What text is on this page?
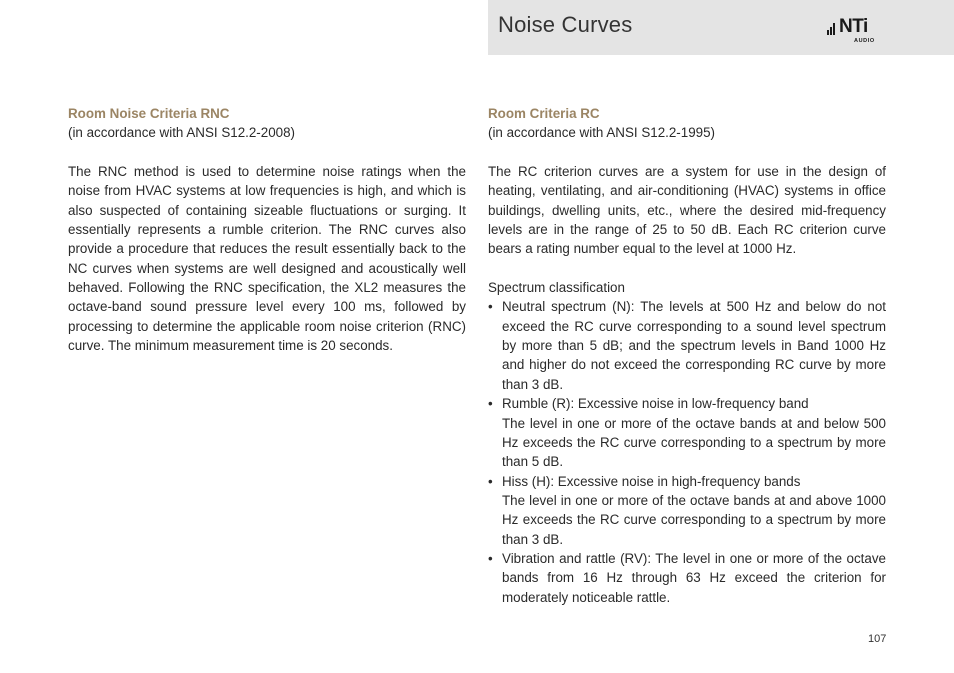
Noise Curves	NTi
AUDIO
Room Noise Criteria RNC
(in accordance with ANSI S12.2-2008)
The RNC method is used to determine noise ratings when the noise from HVAC systems at low frequencies is high, and which is also suspected of containing sizeable fluctuations or surging. It essentially represents a rumble criterion. The RNC curves also provide a procedure that reduces the result essentially back to the NC curves when systems are well designed and acoustically well behaved. Following the RNC specification, the XL2 measures the octave-band sound pressure level every 100 ms, followed by processing to determine the applicable room noise criterion (RNC) curve. The minimum measurement time is 20 seconds.
Room Criteria RC
(in accordance with ANSI S12.2-1995)
The RC criterion curves are a system for use in the design of heating, ventilating, and air-conditioning (HVAC) systems in office buildings, dwelling units, etc., where the desired mid-frequency levels are in the range of 25 to 50 dB. Each RC criterion curve bears a rating number equal to the level at 1000 Hz.
Spectrum classification
• Neutral spectrum (N): The levels at 500 Hz and below do not exceed the RC curve corresponding to a sound level spectrum by more than 5 dB; and the spectrum levels in Band 1000 Hz and higher do not exceed the corresponding RC curve by more than 3 dB.
• Rumble (R): Excessive noise in low-frequency band
The level in one or more of the octave bands at and below 500 Hz exceeds the RC curve corresponding to a spectrum by more than 5 dB.
• Hiss (H): Excessive noise in high-frequency bands
The level in one or more of the octave bands at and above 1000 Hz exceeds the RC curve corresponding to a spectrum by more than 3 dB.
• Vibration and rattle (RV): The level in one or more of the octave bands from 16 Hz through 63 Hz exceed the criterion for moderately noticeable rattle.
107
